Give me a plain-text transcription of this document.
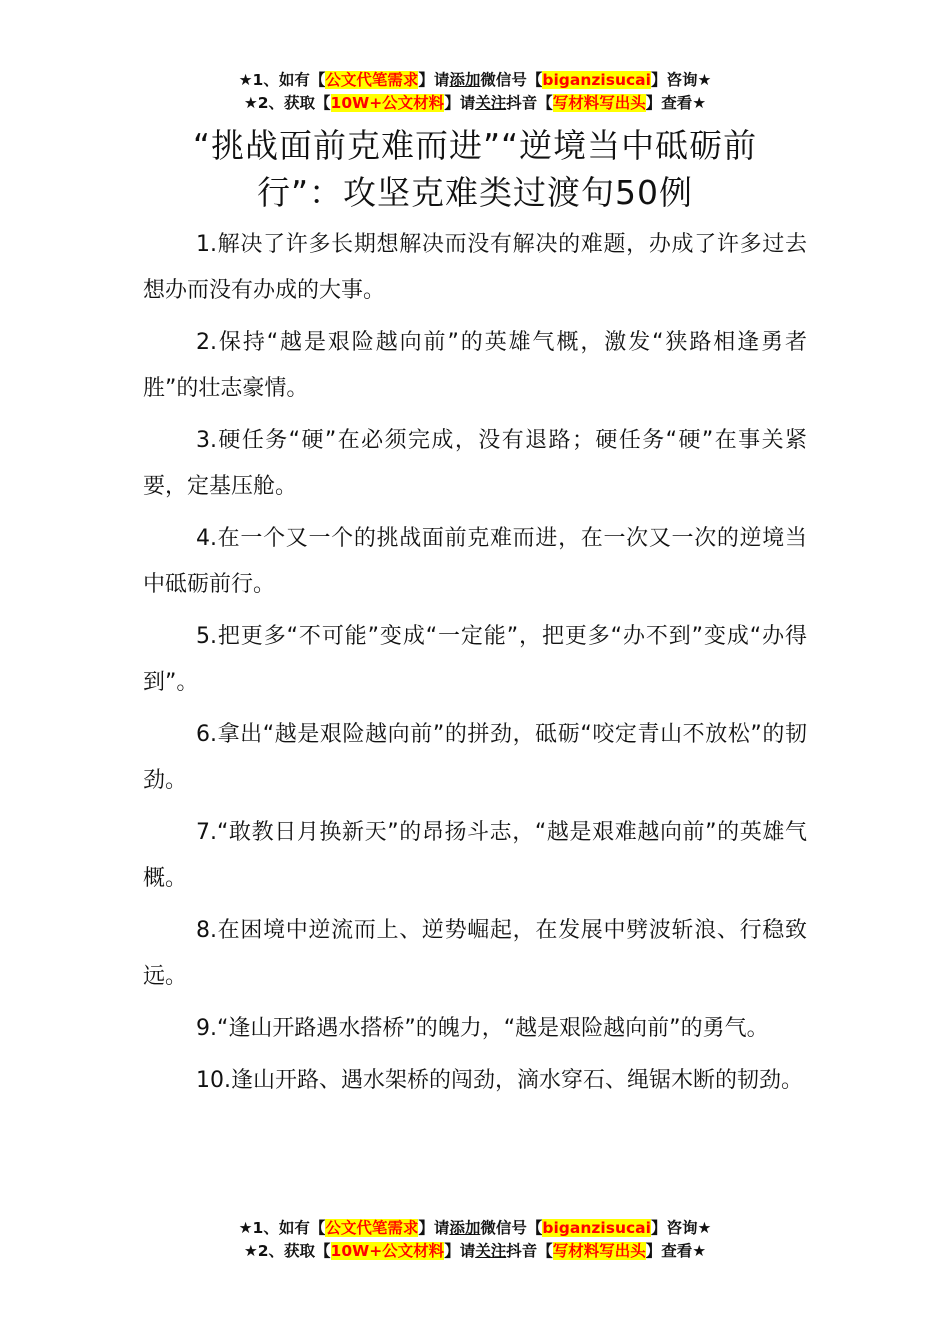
★1、如有【公文代笔需求】请添加微信号【biganzisucai】咨询★
★2、获取【10W+公文材料】请关注抖音【写材料写出头】查看★
“挑战面前克难而进”“逆境当中砥砺前行”：攻坚克难类过渡句50例

1.解决了许多长期想解决而没有解决的难题，办成了许多过去想办而没有办成的大事。

2.保持“越是艰险越向前”的英雄气概，激发“狭路相逢勇者胜”的壮志豪情。

3.硬任务“硬”在必须完成，没有退路；硬任务“硬”在事关紧要，定基压舱。

4.在一个又一个的挑战面前克难而进，在一次又一次的逆境当中砥砺前行。

5.把更多“不可能”变成“一定能”，把更多“办不到”变成“办得到”。

6.拿出“越是艰险越向前”的拼劲，砥砺“咬定青山不放松”的韧劲。

7.“敢教日月换新天”的昂扬斗志，“越是艰难越向前”的英雄气概。

8.在困境中逆流而上、逆势崛起，在发展中劈波斩浪、行稳致远。

9.“逢山开路遇水搭桥”的魄力，“越是艰险越向前”的勇气。

10.逢山开路、遇水架桥的闯劲，滴水穿石、绳锯木断的韧劲。

★1、如有【公文代笔需求】请添加微信号【biganzisucai】咨询★
★2、获取【10W+公文材料】请关注抖音【写材料写出头】查看★
